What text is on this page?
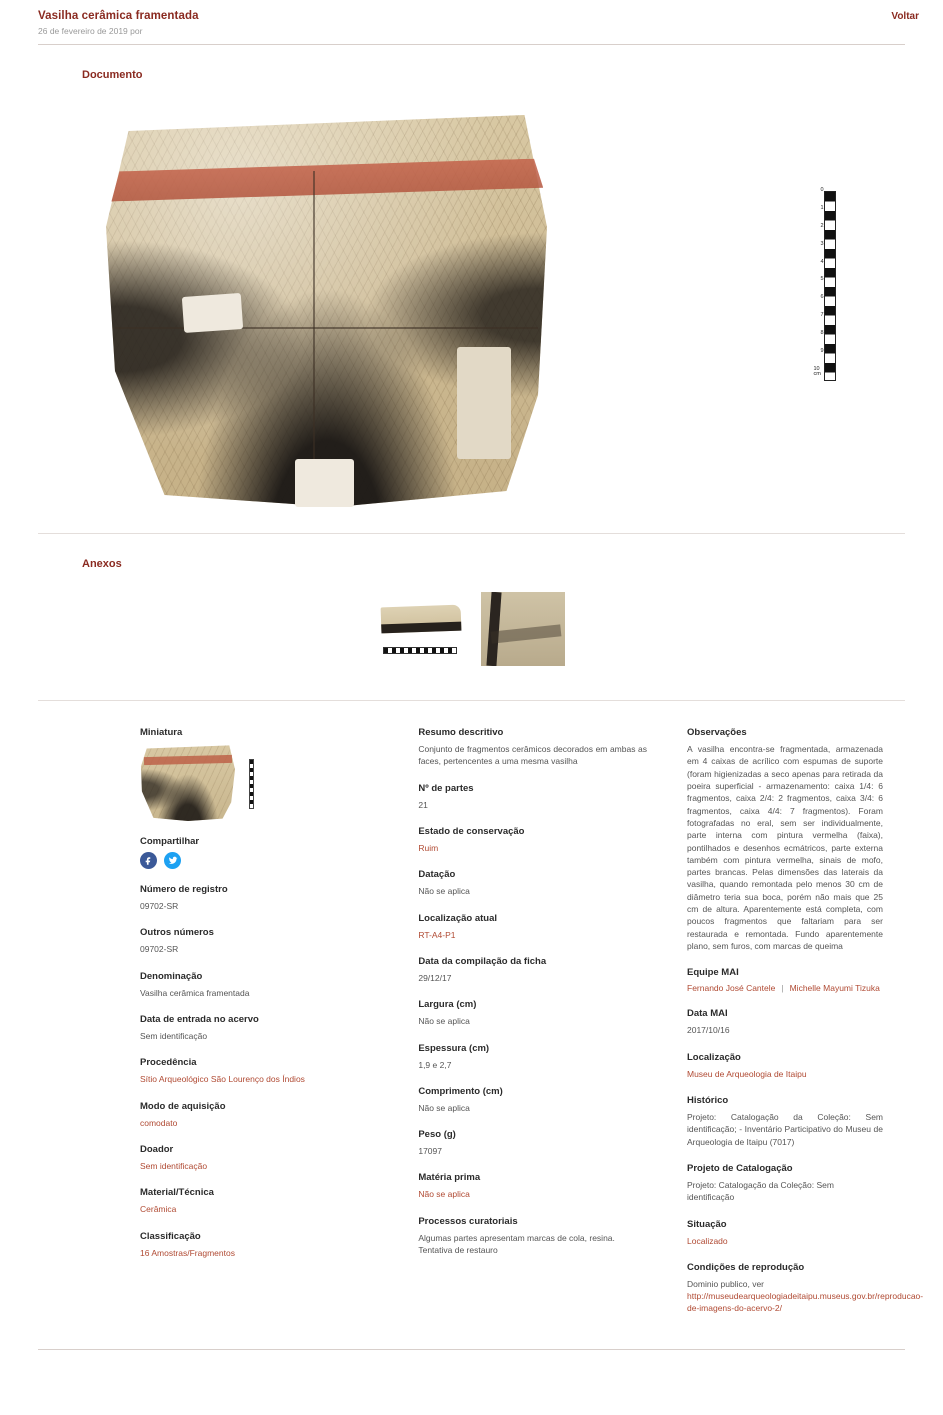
Vasilha cerâmica framentada	Voltar
26 de fevereiro de 2019 por
Documento
0
1
2
3
4
5
6
7
8
9
10 cm
Anexos
Miniatura
Compartilhar
Número de registro
09702-SR
Outros números
09702-SR
Denominação
Vasilha cerâmica framentada
Data de entrada no acervo
Sem identificação
Procedência
Sítio Arqueológico São Lourenço dos Índios
Modo de aquisição
comodato
Doador
Sem identificação
Material/Técnica
Cerâmica
Classificação
16 Amostras/Fragmentos
Resumo descritivo
Conjunto de fragmentos cerâmicos decorados em ambas as faces, pertencentes a uma mesma vasilha
Nº de partes
21
Estado de conservação
Ruim
Datação
Não se aplica
Localização atual
RT-A4-P1
Data da compilação da ficha
29/12/17
Largura (cm)
Não se aplica
Espessura (cm)
1,9 e 2,7
Comprimento (cm)
Não se aplica
Peso (g)
17097
Matéria prima
Não se aplica
Processos curatoriais
Algumas partes apresentam marcas de cola, resina. Tentativa de restauro
Observações
A vasilha encontra-se fragmentada, armazenada em 4 caixas de acrílico com espumas de suporte (foram higienizadas a seco apenas para retirada da poeira superficial - armazenamento: caixa 1/4: 6 fragmentos, caixa 2/4: 2 fragmentos, caixa 3/4: 6 fragmentos, caixa 4/4: 7 fragmentos). Foram fotografadas no eral, sem ser individualmente, parte interna com pintura vermelha (faixa), pontilhados e desenhos ecmátricos, parte externa também com pintura vermelha, sinais de mofo, partes brancas. Pelas dimensões das laterais da vasilha, quando remontada pelo menos 30 cm de diâmetro teria sua boca, porém não mais que 25 cm de altura. Aparentemente está completa, com poucos fragmentos que faltariam para ser restaurada e remontada. Fundo aparentemente plano, sem furos, com marcas de queima
Equipe MAI
Fernando José Cantele | Michelle Mayumi Tizuka
Data MAI
2017/10/16
Localização
Museu de Arqueologia de Itaipu
Histórico
Projeto: Catalogação da Coleção: Sem identificação; - Inventário Participativo do Museu de Arqueologia de Itaipu (7017)
Projeto de Catalogação
Projeto: Catalogação da Coleção: Sem identificação
Situação
Localizado
Condições de reprodução
Dominio publico, ver
http://museudearqueologiadeitaipu.museus.gov.br/reproducao-de-imagens-do-acervo-2/
